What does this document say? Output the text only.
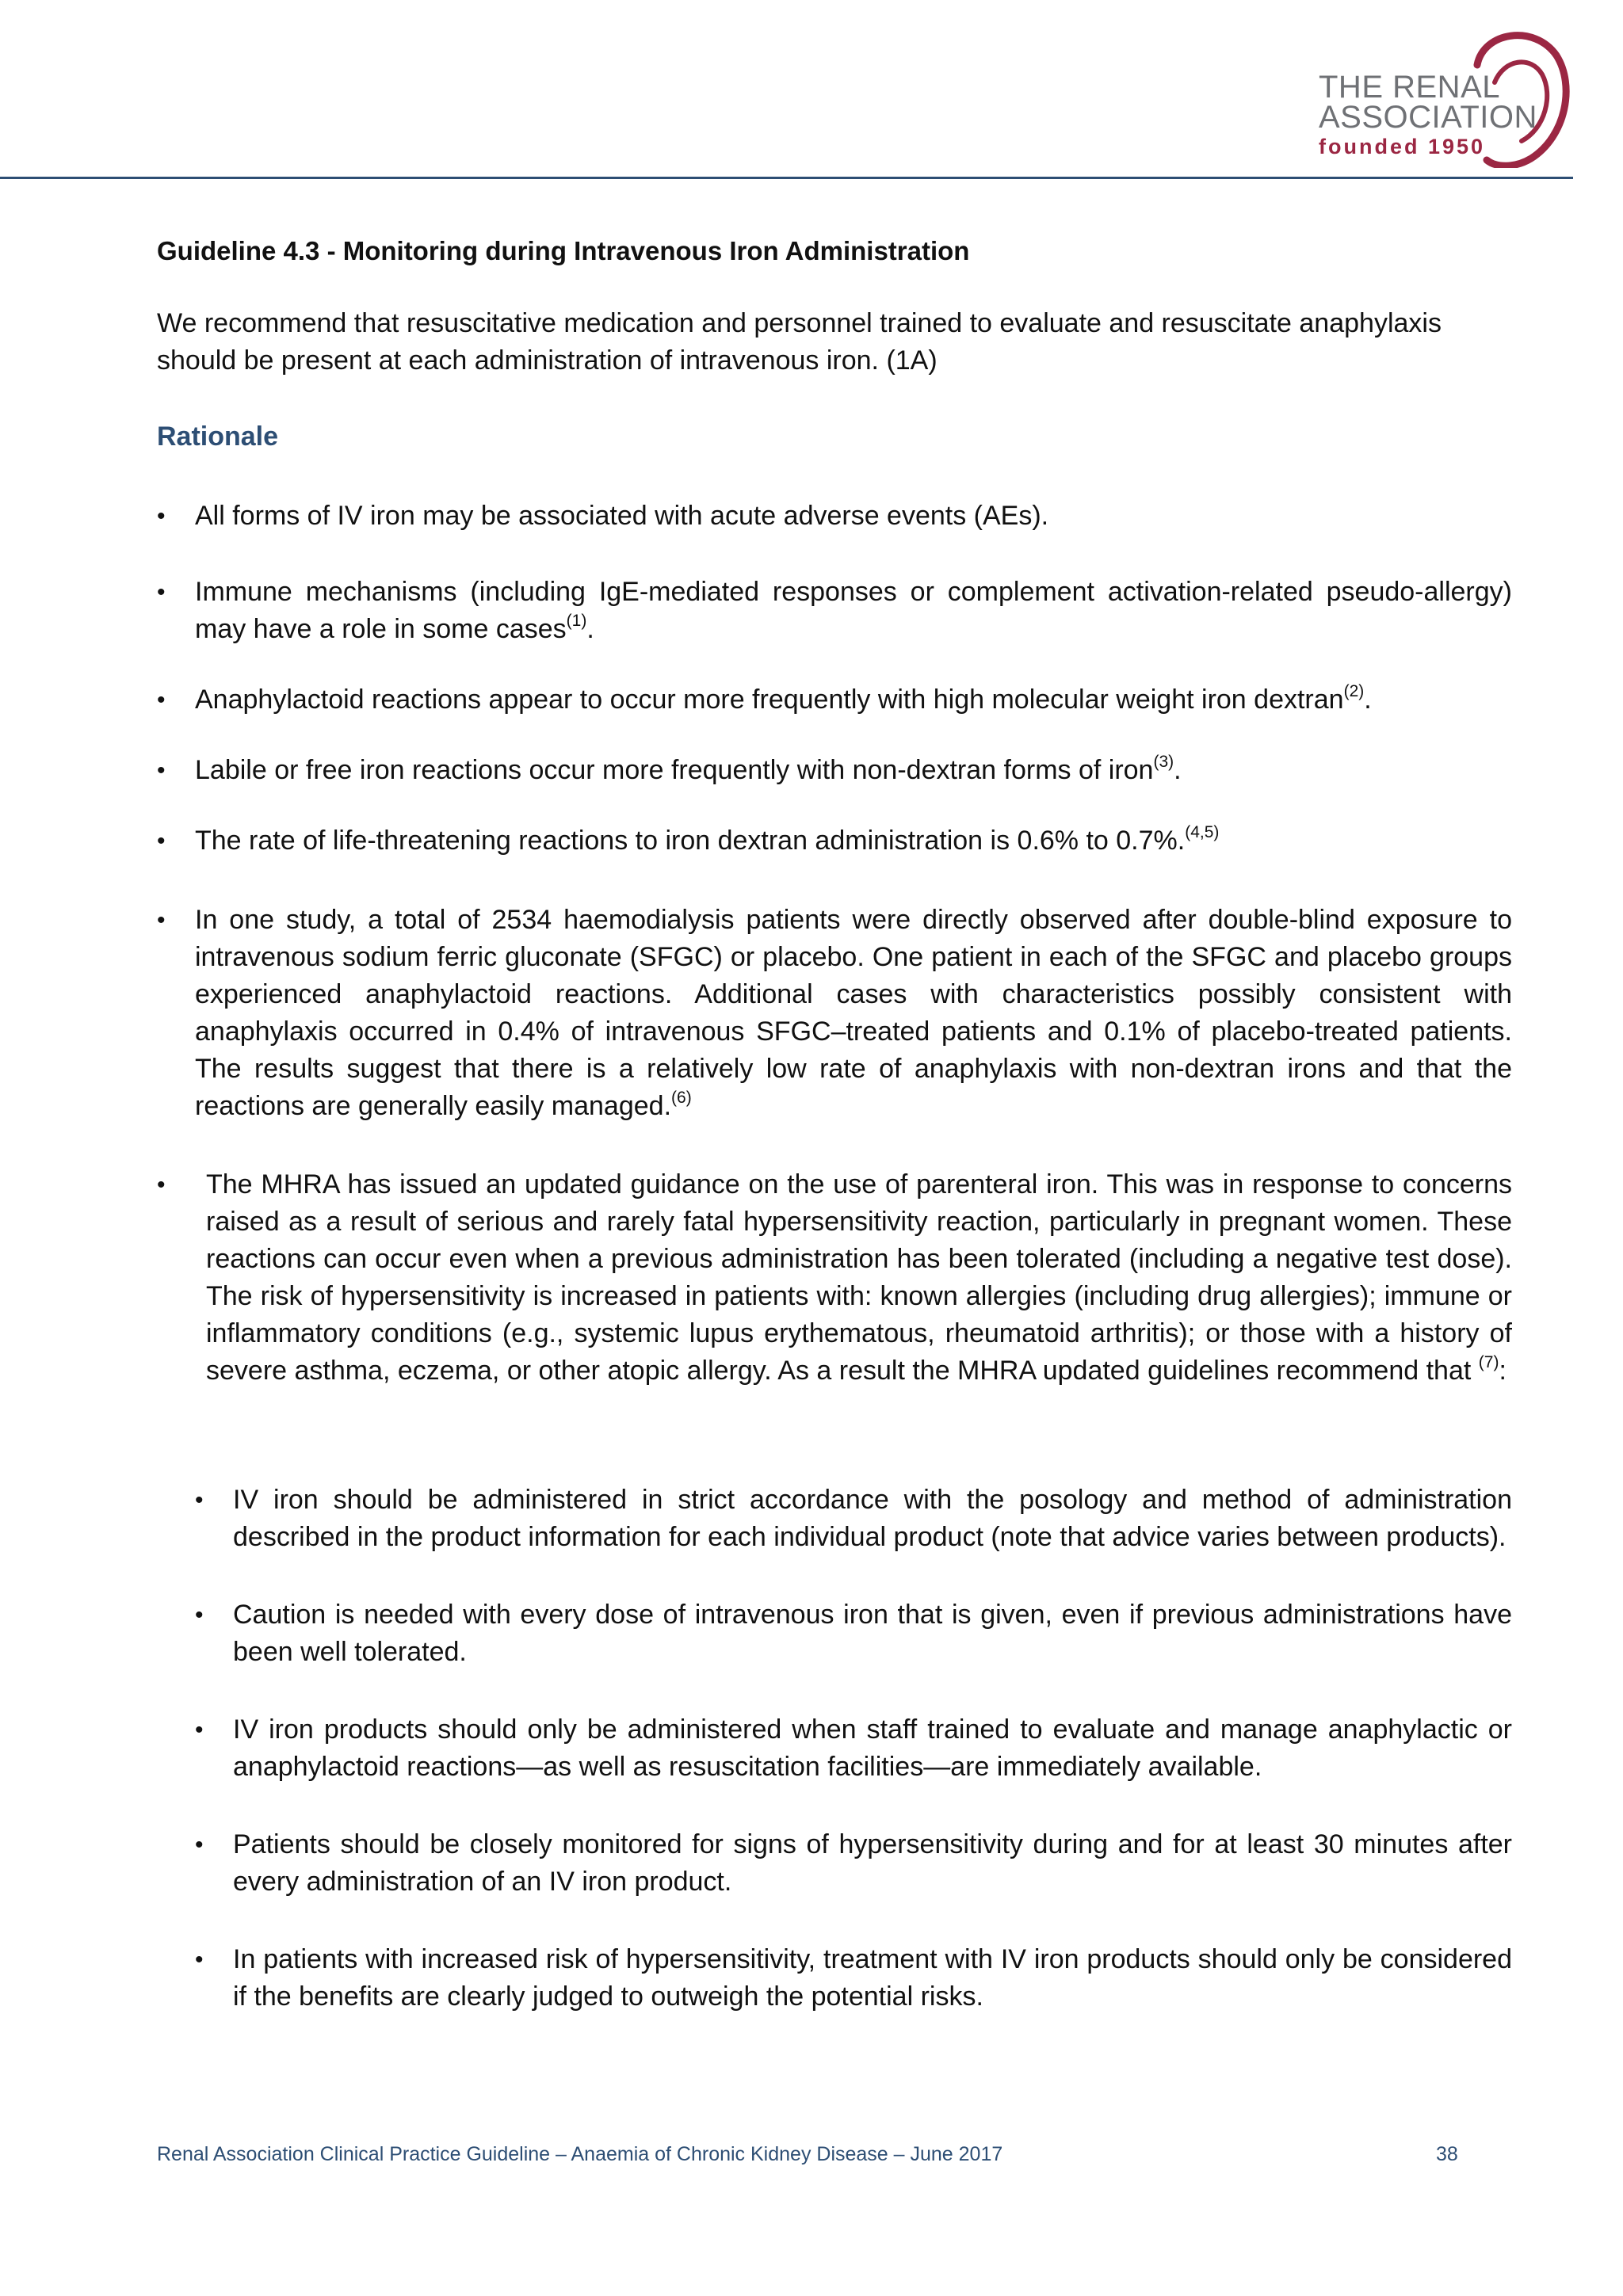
THE RENAL
ASSOCIATION
founded 1950
Guideline 4.3 - Monitoring during Intravenous Iron Administration
We recommend that resuscitative medication and personnel trained to evaluate and resuscitate anaphylaxis should be present at each administration of intravenous iron. (1A)
Rationale
• All forms of IV iron may be associated with acute adverse events (AEs).
• Immune mechanisms (including IgE-mediated responses or complement activation-related pseudo-allergy) may have a role in some cases$^{(1)}$.
• Anaphylactoid reactions appear to occur more frequently with high molecular weight iron dextran$^{(2)}$.
• Labile or free iron reactions occur more frequently with non-dextran forms of iron$^{(3)}$.
• The rate of life-threatening reactions to iron dextran administration is 0.6% to 0.7%.$^{(4,5)}$
• In one study, a total of 2534 haemodialysis patients were directly observed after double-blind exposure to intravenous sodium ferric gluconate (SFGC) or placebo. One patient in each of the SFGC and placebo groups experienced anaphylactoid reactions. Additional cases with characteristics possibly consistent with anaphylaxis occurred in 0.4% of intravenous SFGC–treated patients and 0.1% of placebo-treated patients. The results suggest that there is a relatively low rate of anaphylaxis with non-dextran irons and that the reactions are generally easily managed.$^{(6)}$
• The MHRA has issued an updated guidance on the use of parenteral iron. This was in response to concerns raised as a result of serious and rarely fatal hypersensitivity reaction, particularly in pregnant women. These reactions can occur even when a previous administration has been tolerated (including a negative test dose). The risk of hypersensitivity is increased in patients with: known allergies (including drug allergies); immune or inflammatory conditions (e.g., systemic lupus erythematous, rheumatoid arthritis); or those with a history of severe asthma, eczema, or other atopic allergy. As a result the MHRA updated guidelines recommend that $^{(7)}$:
• IV iron should be administered in strict accordance with the posology and method of administration described in the product information for each individual product (note that advice varies between products).
• Caution is needed with every dose of intravenous iron that is given, even if previous administrations have been well tolerated.
• IV iron products should only be administered when staff trained to evaluate and manage anaphylactic or anaphylactoid reactions—as well as resuscitation facilities—are immediately available.
• Patients should be closely monitored for signs of hypersensitivity during and for at least 30 minutes after every administration of an IV iron product.
• In patients with increased risk of hypersensitivity, treatment with IV iron products should only be considered if the benefits are clearly judged to outweigh the potential risks.
Renal Association Clinical Practice Guideline – Anaemia of Chronic Kidney Disease – June 2017	38
